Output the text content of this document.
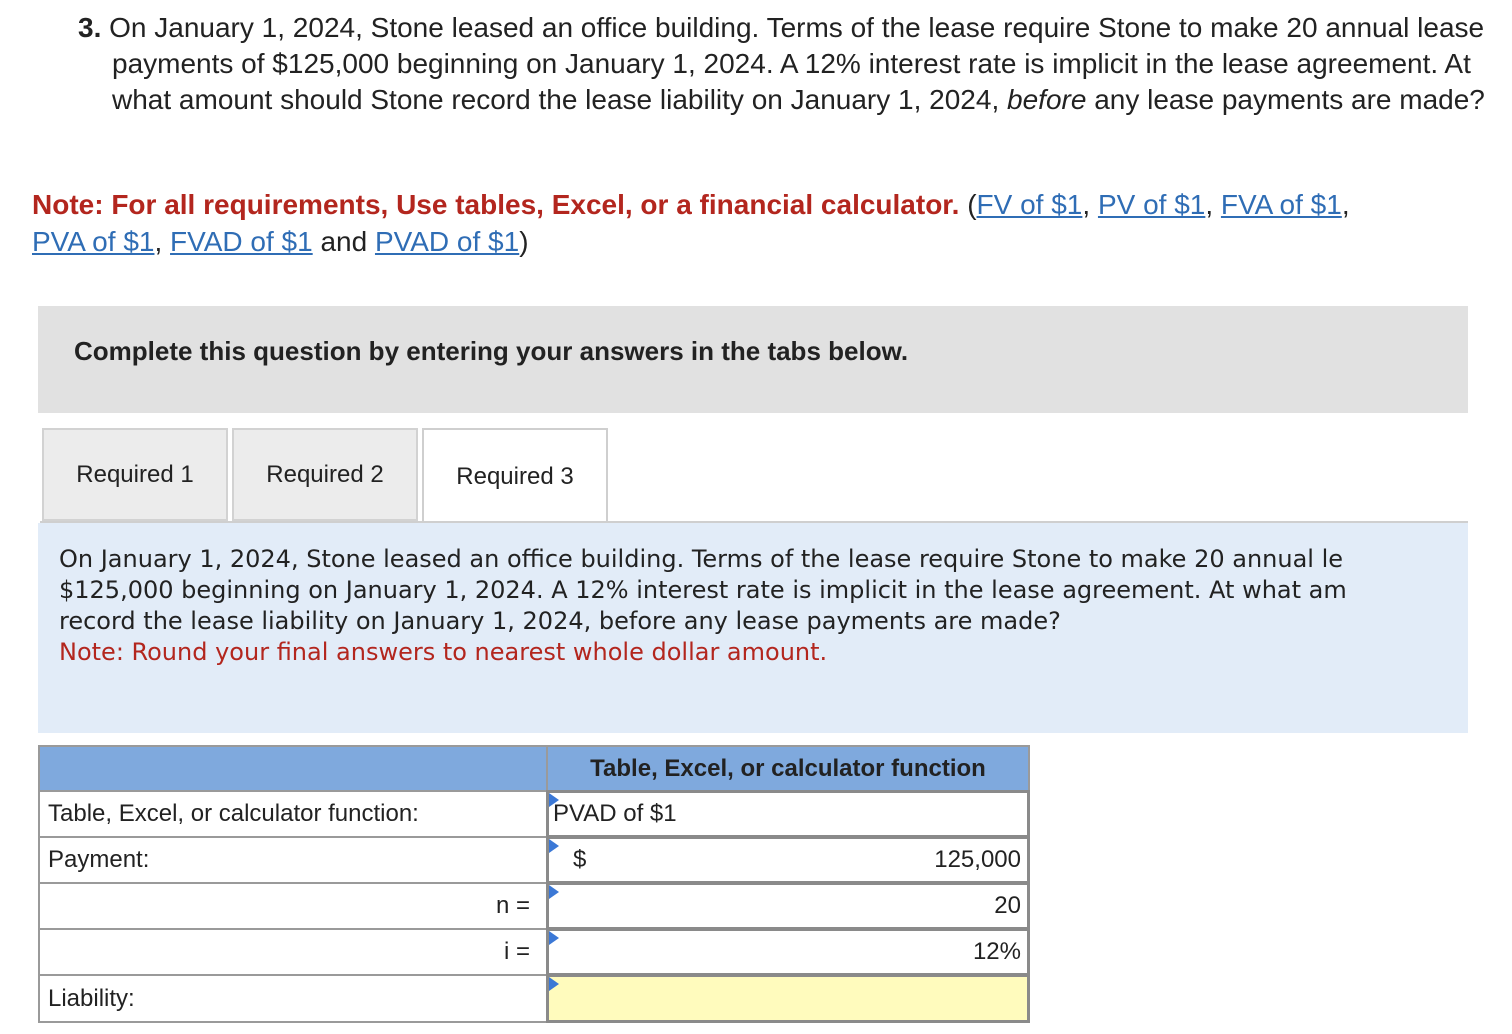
3. On January 1, 2024, Stone leased an office building. Terms of the lease require Stone to make 20 annual lease payments of $125,000 beginning on January 1, 2024. A 12% interest rate is implicit in the lease agreement. At what amount should Stone record the lease liability on January 1, 2024, before any lease payments are made?
Note: For all requirements, Use tables, Excel, or a financial calculator. (FV of $1, PV of $1, FVA of $1,
PVA of $1, FVAD of $1 and PVAD of $1)
Complete this question by entering your answers in the tabs below.
Required 1	Required 2	Required 3
On January 1, 2024, Stone leased an office building. Terms of the lease require Stone to make 20 annual le
$125,000 beginning on January 1, 2024. A 12% interest rate is implicit in the lease agreement. At what am
record the lease liability on January 1, 2024, before any lease payments are made?
Note: Round your final answers to nearest whole dollar amount.
Table, Excel, or calculator function
Table, Excel, or calculator function:	PVAD of $1
Payment:	$	125,000
n =	20
i =	12%
Liability:
